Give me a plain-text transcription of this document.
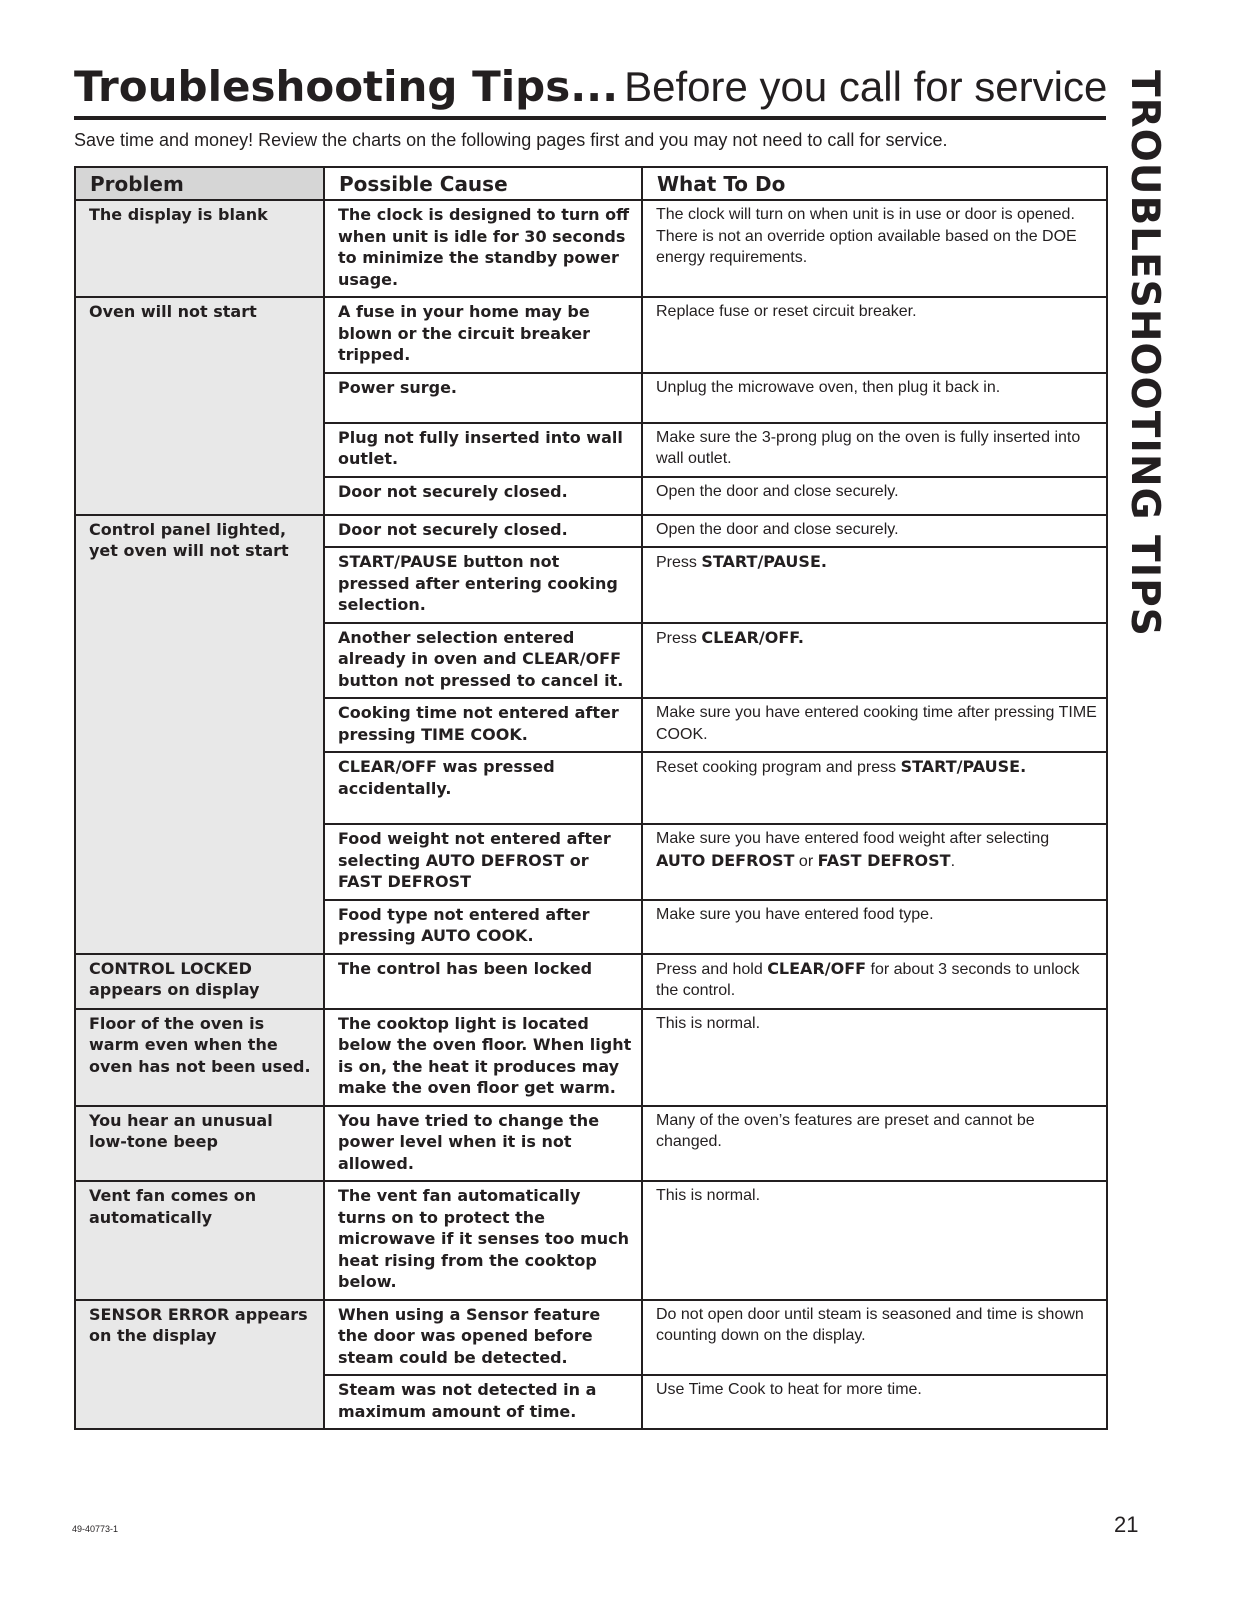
Troubleshooting Tips... Before you call for service
Save time and money! Review the charts on the following pages first and you may not need to call for service.	TROUBLESHOOTING TIPS
Problem	Possible Cause	What To Do
The display is blank	The clock is designed to turn off when unit is idle for 30 seconds to minimize the standby power usage.	The clock will turn on when unit is in use or door is opened. There is not an override option available based on the DOE energy requirements.
Oven will not start	A fuse in your home may be blown or the circuit breaker tripped.	Replace fuse or reset circuit breaker.
	Power surge.	Unplug the microwave oven, then plug it back in.
	Plug not fully inserted into wall outlet.	Make sure the 3-prong plug on the oven is fully inserted into wall outlet.
	Door not securely closed.	Open the door and close securely.
Control panel lighted, yet oven will not start	Door not securely closed.	Open the door and close securely.
	START/PAUSE button not pressed after entering cooking selection.	Press START/PAUSE.
	Another selection entered already in oven and CLEAR/OFF button not pressed to cancel it.	Press CLEAR/OFF.
	Cooking time not entered after pressing TIME COOK.	Make sure you have entered cooking time after pressing TIME COOK.
	CLEAR/OFF was pressed accidentally.	Reset cooking program and press START/PAUSE.
	Food weight not entered after selecting AUTO DEFROST or FAST DEFROST	Make sure you have entered food weight after selecting AUTO DEFROST or FAST DEFROST.
	Food type not entered after pressing AUTO COOK.	Make sure you have entered food type.
CONTROL LOCKED appears on display	The control has been locked	Press and hold CLEAR/OFF for about 3 seconds to unlock the control.
Floor of the oven is warm even when the oven has not been used.	The cooktop light is located below the oven floor. When light is on, the heat it produces may make the oven floor get warm.	This is normal.
You hear an unusual low-tone beep	You have tried to change the power level when it is not allowed.	Many of the oven’s features are preset and cannot be changed.
Vent fan comes on automatically	The vent fan automatically turns on to protect the microwave if it senses too much heat rising from the cooktop below.	This is normal.
SENSOR ERROR appears on the display	When using a Sensor feature the door was opened before steam could be detected.	Do not open door until steam is seasoned and time is shown counting down on the display.
	Steam was not detected in a maximum amount of time.	Use Time Cook to heat for more time.
49-40773-1	21
